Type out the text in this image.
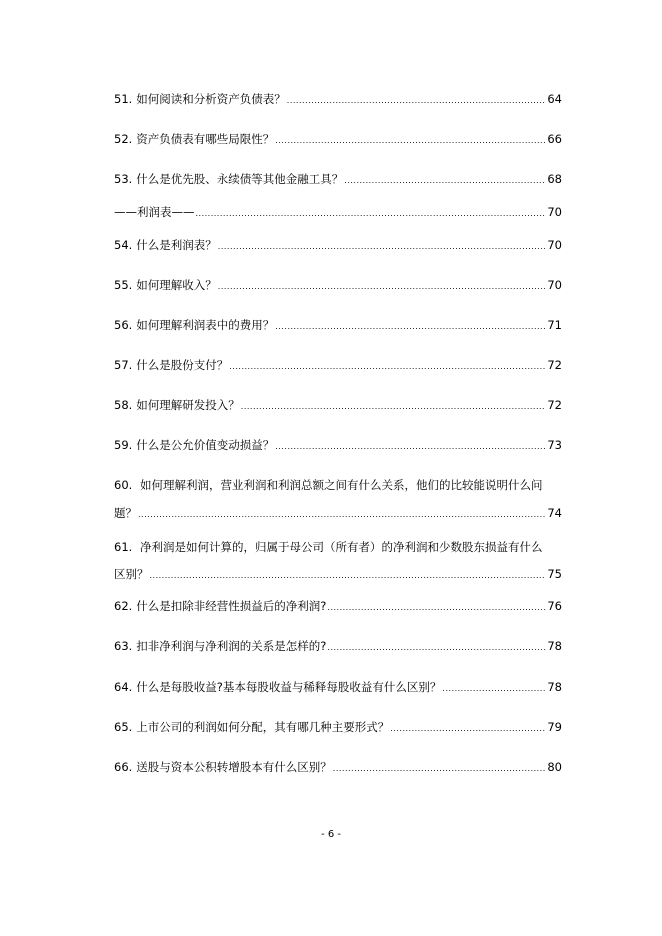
51. 如何阅读和分析资产负债表？ .....	64
52. 资产负债表有哪些局限性？ .....	66
53. 什么是优先股、永续债等其他金融工具？ .....	68
——利润表—— .....	70
54. 什么是利润表？ .....	70
55. 如何理解收入？ .....	70
56. 如何理解利润表中的费用？ .....	71
57. 什么是股份支付？ .....	72
58. 如何理解研发投入？ .....	72
59. 什么是公允价值变动损益？ .....	73
60. 如何理解利润，营业利润和利润总额之间有什么关系，他们的比较能说明什么问
题？ .....	74
61. 净利润是如何计算的，归属于母公司（所有者）的净利润和少数股东损益有什么
区别？ .....	75
62. 什么是扣除非经营性损益后的净利润? .....	76
63. 扣非净利润与净利润的关系是怎样的? .....	78
64. 什么是每股收益?基本每股收益与稀释每股收益有什么区别？ .....	78
65. 上市公司的利润如何分配，其有哪几种主要形式？ .....	79
66. 送股与资本公积转增股本有什么区别？ .....	80
- 6 -
